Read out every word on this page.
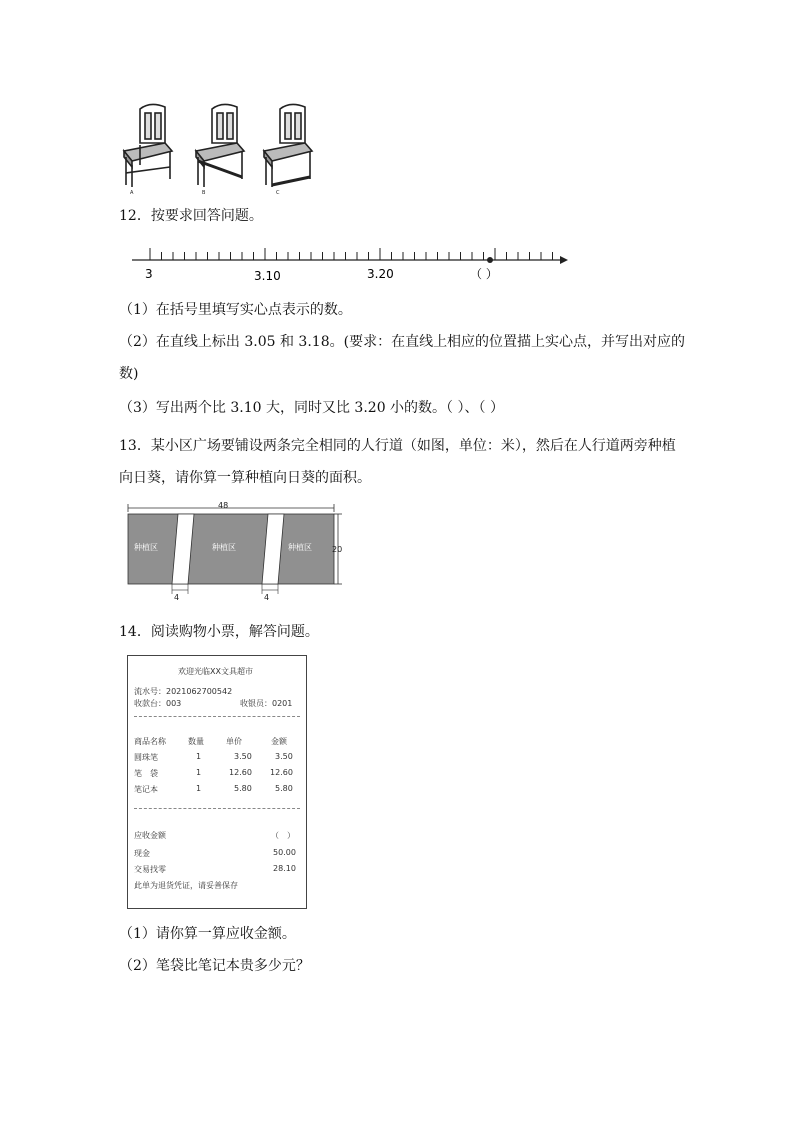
A	B	C
12．按要求回答问题。
3	3.10	3.20	（ ）
（1）在括号里填写实心点表示的数。
（2）在直线上标出 3.05 和 3.18。(要求：在直线上相应的位置描上实心点，并写出对应的
数)
（3）写出两个比 3.10 大，同时又比 3.20 小的数。（ ）、（ ）
13．某小区广场要铺设两条完全相同的人行道（如图，单位：米），然后在人行道两旁种植
向日葵，请你算一算种植向日葵的面积。
48
种植区	种植区	种植区	20
4	4
14．阅读购物小票，解答问题。
欢迎光临XX文具超市
流水号：2021062700542
收款台：003	收银员：0201
商品名称	数量	单价	金额
圆珠笔	1	3.50	3.50
笔　袋	1	12.60 12.60
笔记本	1	5.80	5.80
应收金额	（　）
现金	50.00
交易找零	28.10
此单为退货凭证，请妥善保存
（1）请你算一算应收金额。
（2）笔袋比笔记本贵多少元？
